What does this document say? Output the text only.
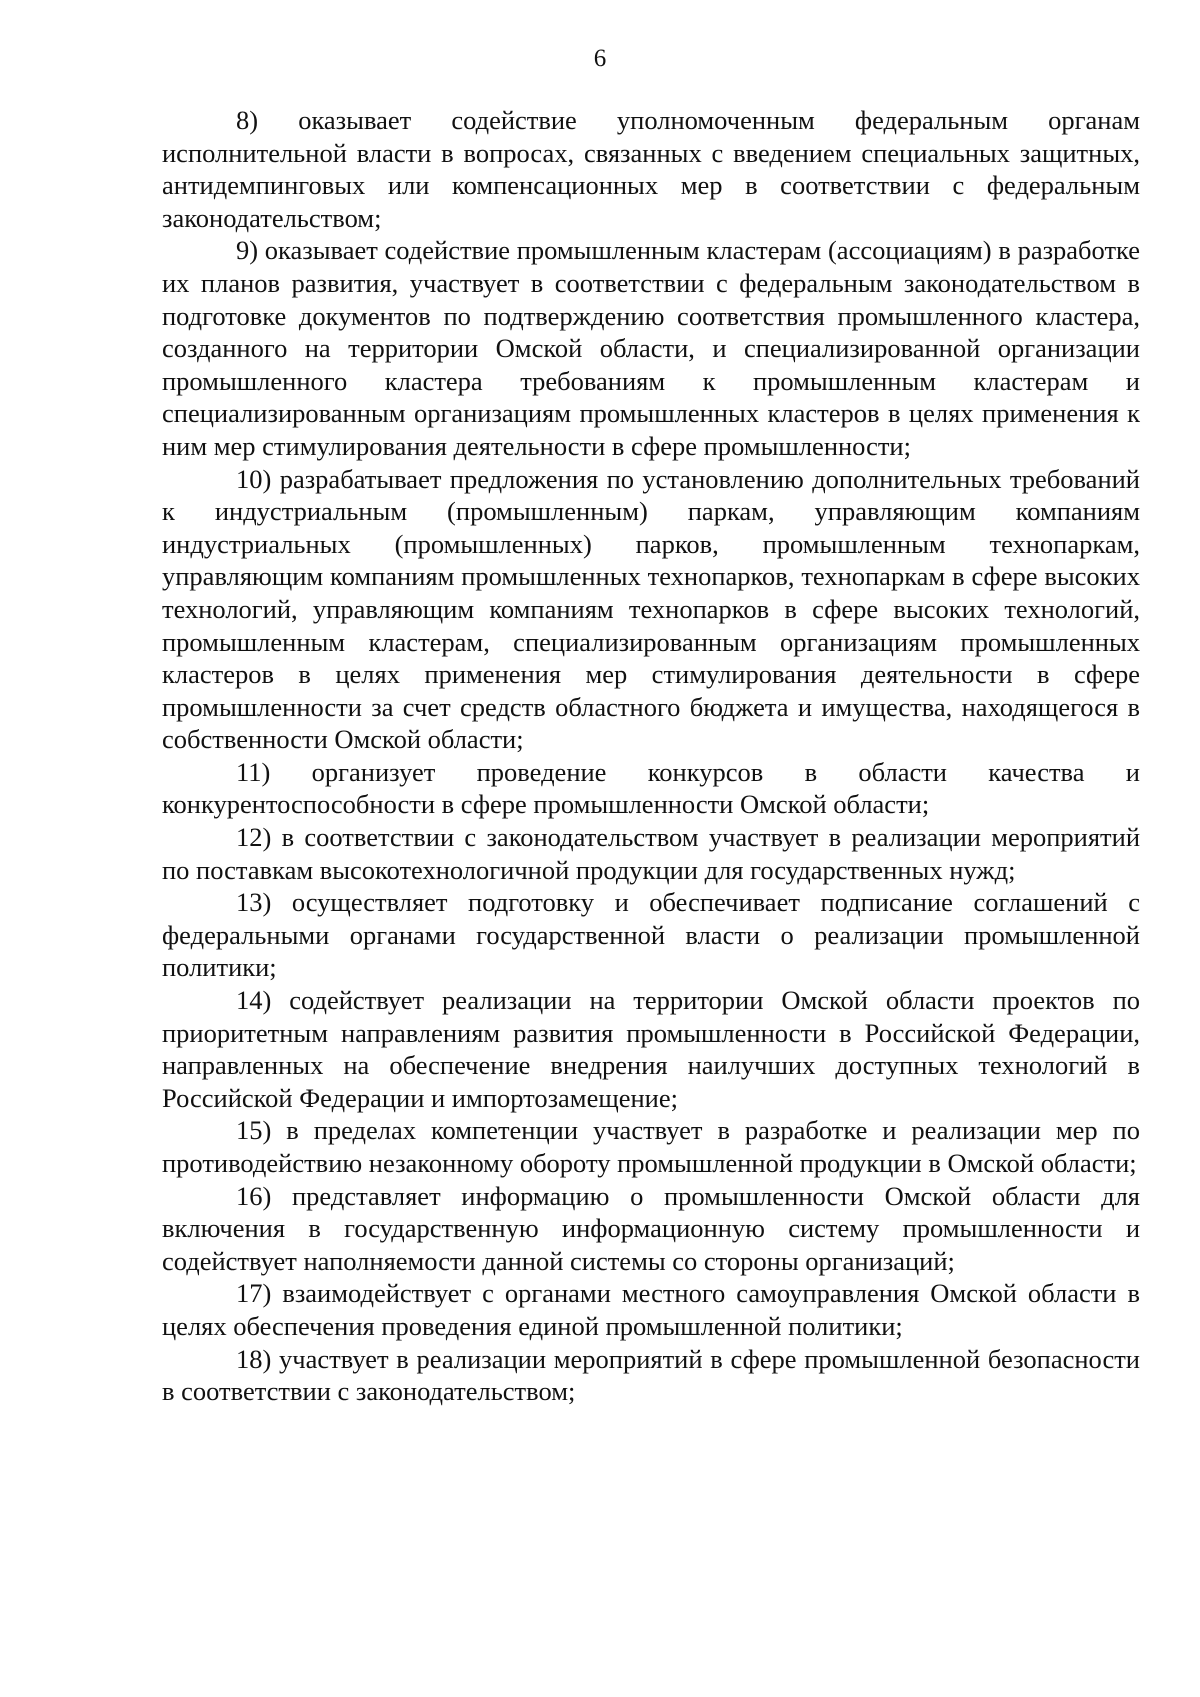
6

8) оказывает содействие уполномоченным федеральным органам исполнительной власти в вопросах, связанных с введением специальных защитных, антидемпинговых или компенсационных мер в соответствии с федеральным законодательством;

9) оказывает содействие промышленным кластерам (ассоциациям) в разработке их планов развития, участвует в соответствии с федеральным законодательством в подготовке документов по подтверждению соответствия промышленного кластера, созданного на территории Омской области, и специализированной организации промышленного кластера требованиям к промышленным кластерам и специализированным организациям промышленных кластеров в целях применения к ним мер стимулирования деятельности в сфере промышленности;

10) разрабатывает предложения по установлению дополнительных требований к индустриальным (промышленным) паркам, управляющим компаниям индустриальных (промышленных) парков, промышленным технопаркам, управляющим компаниям промышленных технопарков, технопаркам в сфере высоких технологий, управляющим компаниям технопарков в сфере высоких технологий, промышленным кластерам, специализированным организациям промышленных кластеров в целях применения мер стимулирования деятельности в сфере промышленности за счет средств областного бюджета и имущества, находящегося в собственности Омской области;

11) организует проведение конкурсов в области качества и конкурентоспособности в сфере промышленности Омской области;

12) в соответствии с законодательством участвует в реализации мероприятий по поставкам высокотехнологичной продукции для государственных нужд;

13) осуществляет подготовку и обеспечивает подписание соглашений с федеральными органами государственной власти о реализации промышленной политики;

14) содействует реализации на территории Омской области проектов по приоритетным направлениям развития промышленности в Российской Федерации, направленных на обеспечение внедрения наилучших доступных технологий в Российской Федерации и импортозамещение;

15) в пределах компетенции участвует в разработке и реализации мер по противодействию незаконному обороту промышленной продукции в Омской области;

16) представляет информацию о промышленности Омской области для включения в государственную информационную систему промышленности и содействует наполняемости данной системы со стороны организаций;

17) взаимодействует с органами местного самоуправления Омской области в целях обеспечения проведения единой промышленной политики;

18) участвует в реализации мероприятий в сфере промышленной безопасности в соответствии с законодательством;
